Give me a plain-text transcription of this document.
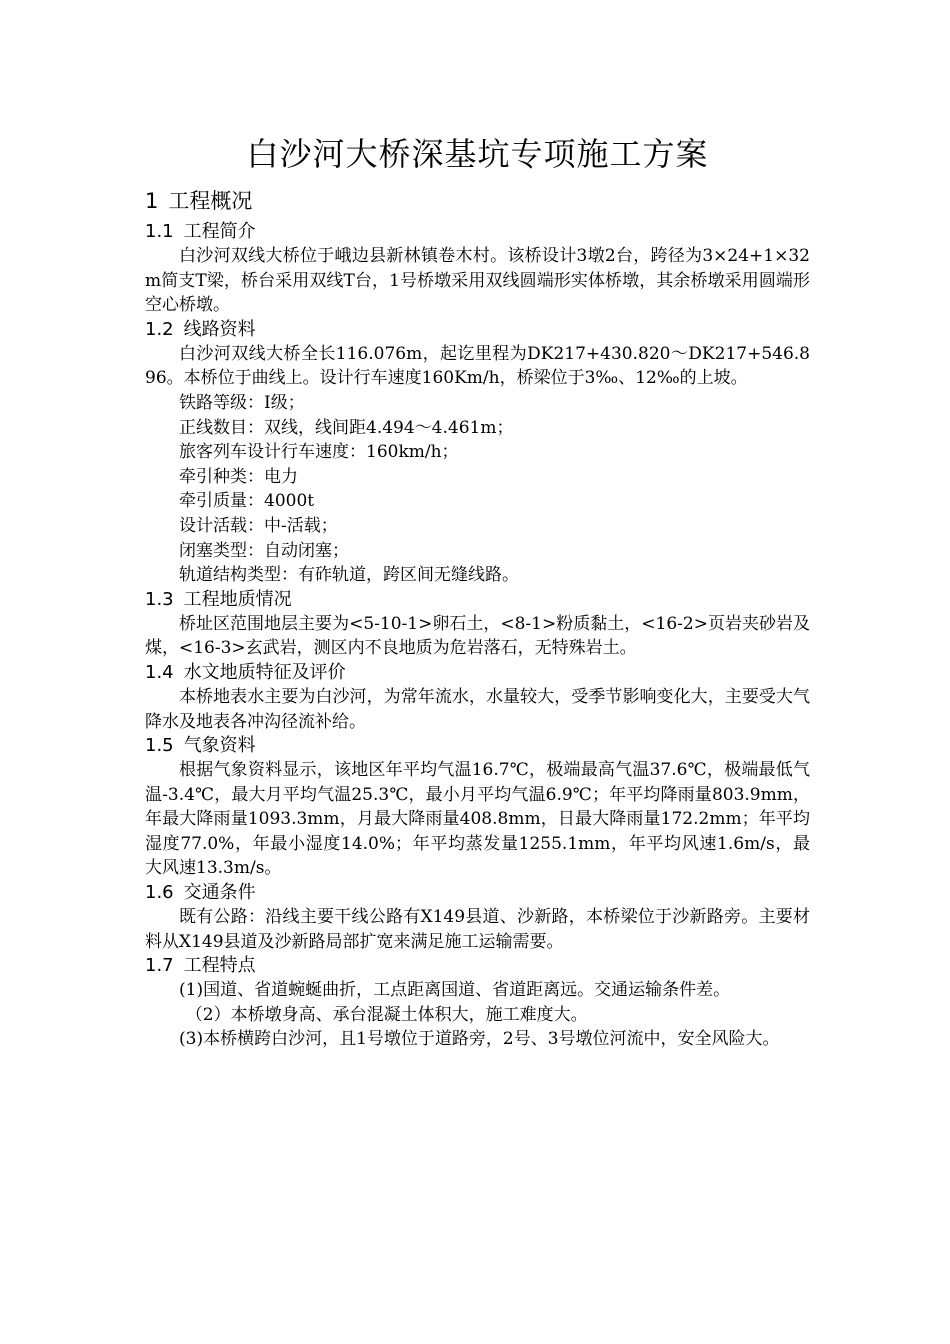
白沙河大桥深基坑专项施工方案
1 工程概况
1.1 工程简介

白沙河双线大桥位于峨边县新林镇卷木村。该桥设计3墩2台，跨径为3×24+1×32m简支T梁，桥台采用双线T台，1号桥墩采用双线圆端形实体桥墩，其余桥墩采用圆端形空心桥墩。

1.2 线路资料

白沙河双线大桥全长116.076m，起讫里程为DK217+430.820～DK217+546.896。本桥位于曲线上。设计行车速度160Km/h，桥梁位于3‰、12‰的上坡。

铁路等级：Ⅰ级；

正线数目：双线，线间距4.494～4.461m；

旅客列车设计行车速度：160km/h；

牵引种类：电力

牵引质量：4000t

设计活载：中-活载；

闭塞类型：自动闭塞；

轨道结构类型：有砟轨道，跨区间无缝线路。

1.3 工程地质情况

桥址区范围地层主要为<5-10-1>卵石土，<8-1>粉质黏土，<16-2>页岩夹砂岩及煤，<16-3>玄武岩，测区内不良地质为危岩落石，无特殊岩土。

1.4 水文地质特征及评价

本桥地表水主要为白沙河，为常年流水，水量较大，受季节影响变化大，主要受大气降水及地表各冲沟径流补给。

1.5 气象资料

根据气象资料显示，该地区年平均气温16.7℃，极端最高气温37.6℃，极端最低气温-3.4℃，最大月平均气温25.3℃，最小月平均气温6.9℃；年平均降雨量803.9mm，年最大降雨量1093.3mm，月最大降雨量408.8mm，日最大降雨量172.2mm；年平均湿度77.0%，年最小湿度14.0%；年平均蒸发量1255.1mm，年平均风速1.6m/s，最大风速13.3m/s。

1.6 交通条件

既有公路：沿线主要干线公路有X149县道、沙新路，本桥梁位于沙新路旁。主要材料从X149县道及沙新路局部扩宽来满足施工运输需要。

1.7 工程特点

(1)国道、省道蜿蜒曲折，工点距离国道、省道距离远。交通运输条件差。

（2）本桥墩身高、承台混凝土体积大，施工难度大。

(3)本桥横跨白沙河，且1号墩位于道路旁，2号、3号墩位河流中，安全风险大。
